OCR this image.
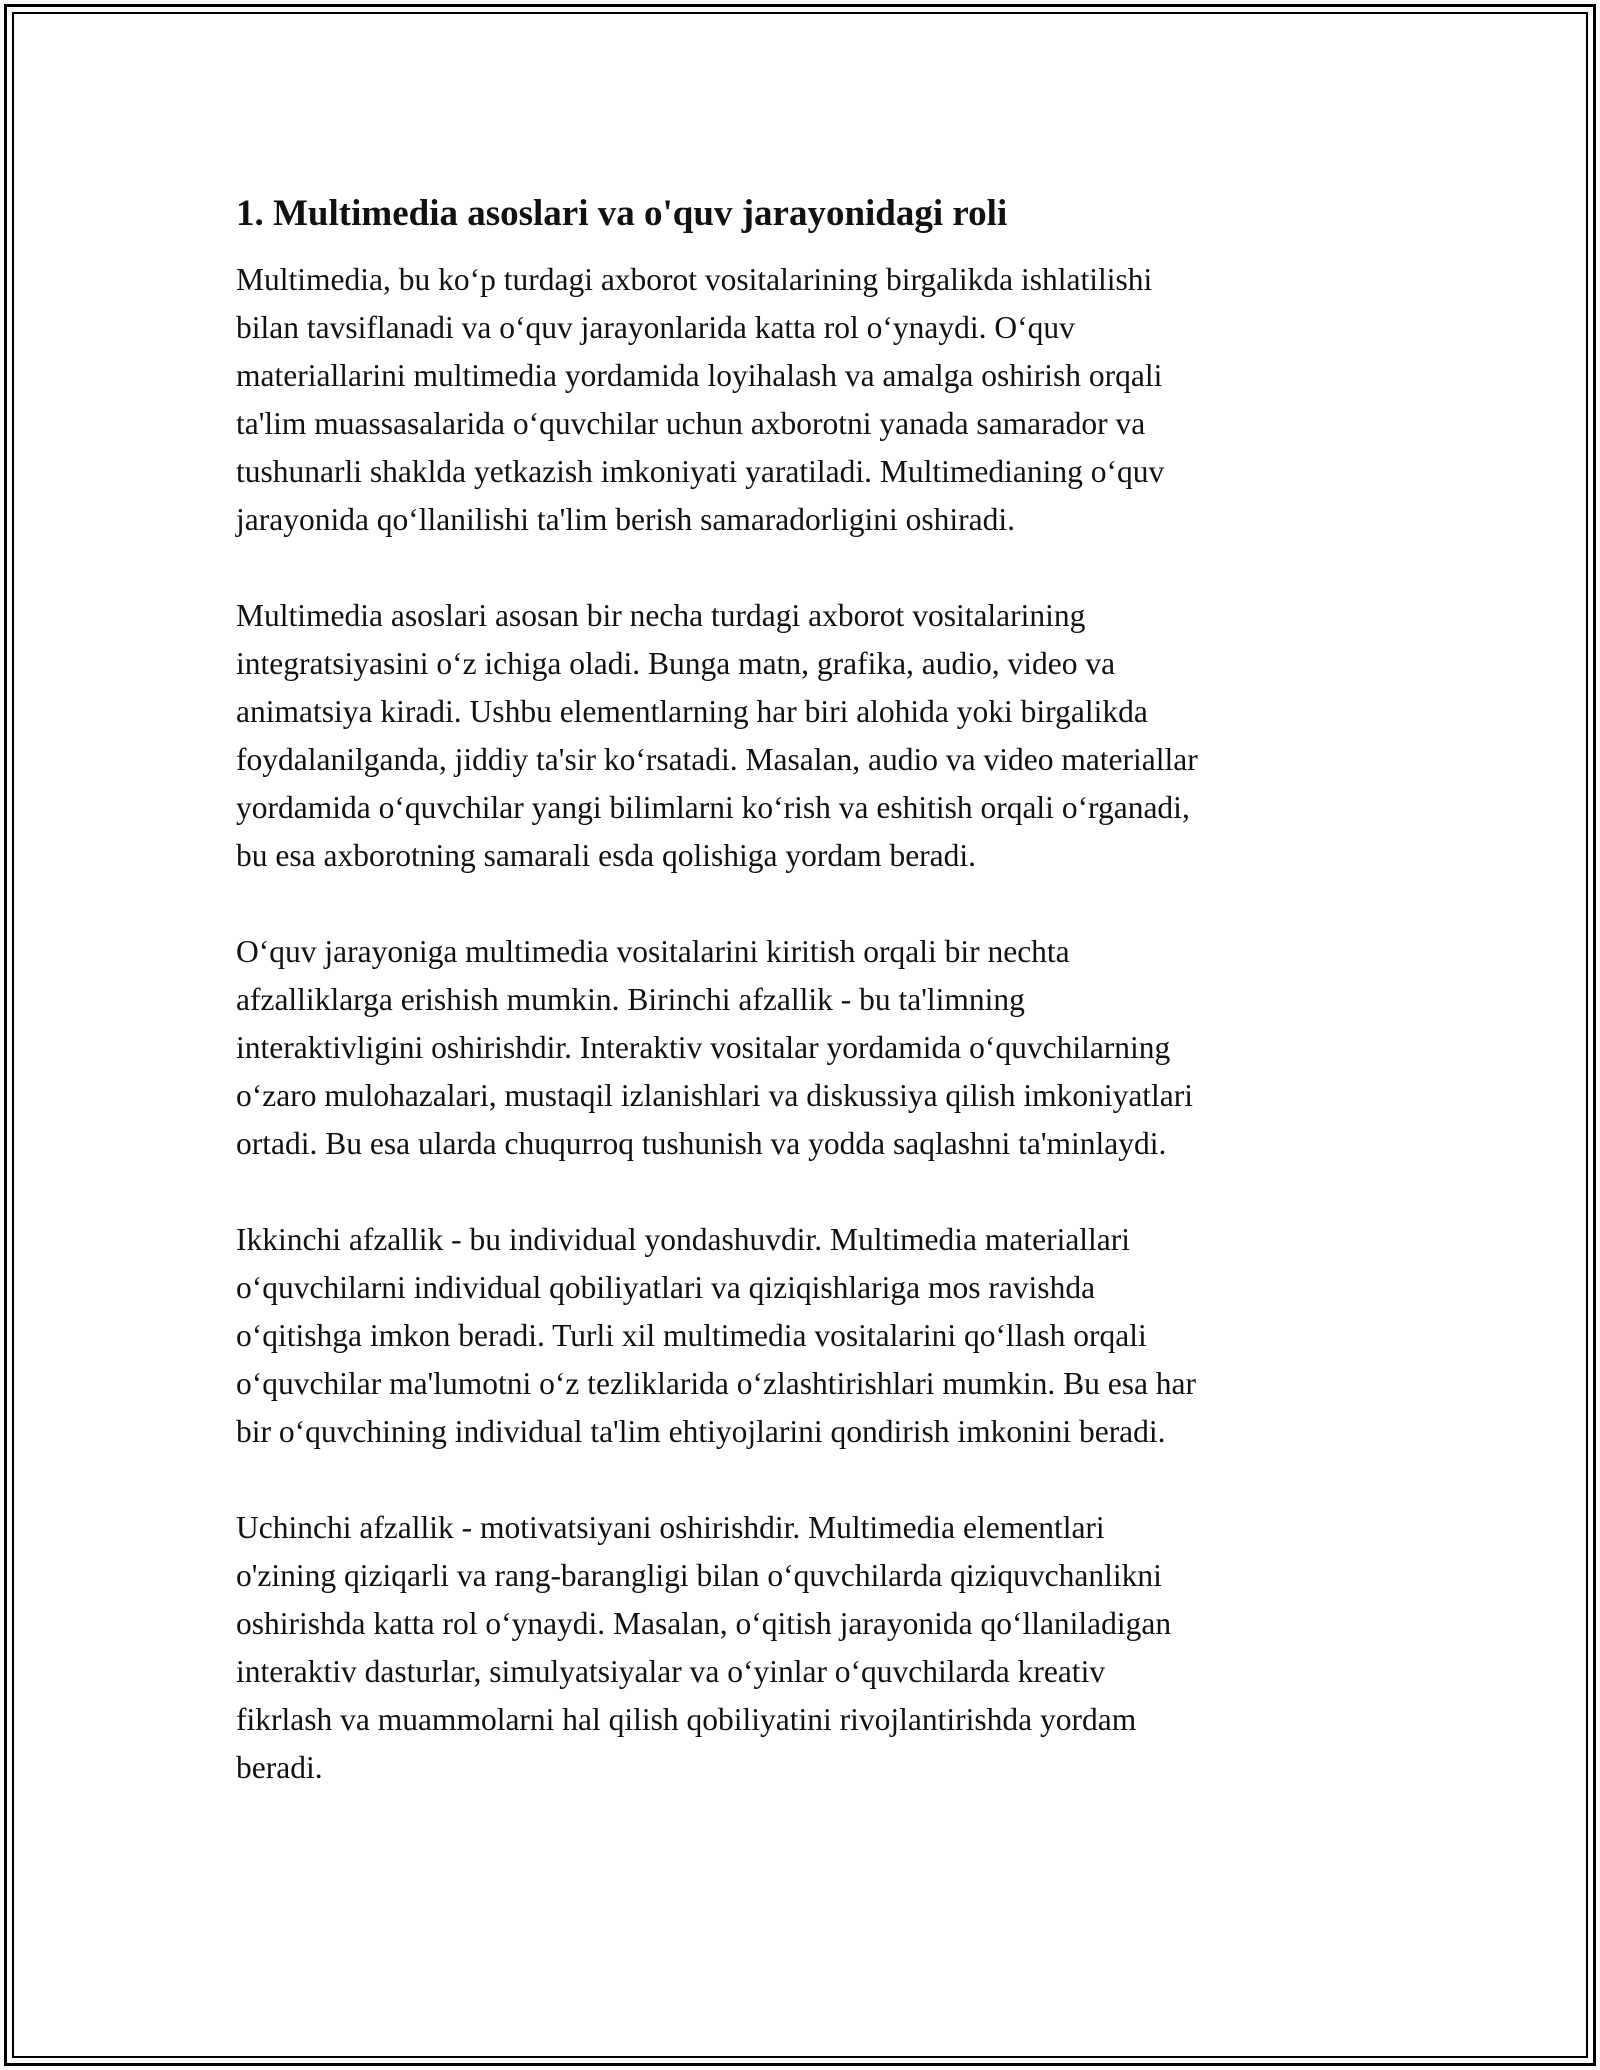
1. Multimedia asoslari va o'quv jarayonidagi roli

Multimedia, bu ko‘p turdagi axborot vositalarining birgalikda ishlatilishi
bilan tavsiflanadi va o‘quv jarayonlarida katta rol o‘ynaydi. O‘quv
materiallarini multimedia yordamida loyihalash va amalga oshirish orqali
ta'lim muassasalarida o‘quvchilar uchun axborotni yanada samarador va
tushunarli shaklda yetkazish imkoniyati yaratiladi. Multimedianing o‘quv
jarayonida qo‘llanilishi ta'lim berish samaradorligini oshiradi.

Multimedia asoslari asosan bir necha turdagi axborot vositalarining
integratsiyasini o‘z ichiga oladi. Bunga matn, grafika, audio, video va
animatsiya kiradi. Ushbu elementlarning har biri alohida yoki birgalikda
foydalanilganda, jiddiy ta'sir ko‘rsatadi. Masalan, audio va video materiallar
yordamida o‘quvchilar yangi bilimlarni ko‘rish va eshitish orqali o‘rganadi,
bu esa axborotning samarali esda qolishiga yordam beradi.

O‘quv jarayoniga multimedia vositalarini kiritish orqali bir nechta
afzalliklarga erishish mumkin. Birinchi afzallik - bu ta'limning
interaktivligini oshirishdir. Interaktiv vositalar yordamida o‘quvchilarning
o‘zaro mulohazalari, mustaqil izlanishlari va diskussiya qilish imkoniyatlari
ortadi. Bu esa ularda chuqurroq tushunish va yodda saqlashni ta'minlaydi.

Ikkinchi afzallik - bu individual yondashuvdir. Multimedia materiallari
o‘quvchilarni individual qobiliyatlari va qiziqishlariga mos ravishda
o‘qitishga imkon beradi. Turli xil multimedia vositalarini qo‘llash orqali
o‘quvchilar ma'lumotni o‘z tezliklarida o‘zlashtirishlari mumkin. Bu esa har
bir o‘quvchining individual ta'lim ehtiyojlarini qondirish imkonini beradi.

Uchinchi afzallik - motivatsiyani oshirishdir. Multimedia elementlari
o'zining qiziqarli va rang-barangligi bilan o‘quvchilarda qiziquvchanlikni
oshirishda katta rol o‘ynaydi. Masalan, o‘qitish jarayonida qo‘llaniladigan
interaktiv dasturlar, simulyatsiyalar va o‘yinlar o‘quvchilarda kreativ
fikrlash va muammolarni hal qilish qobiliyatini rivojlantirishda yordam
beradi.
